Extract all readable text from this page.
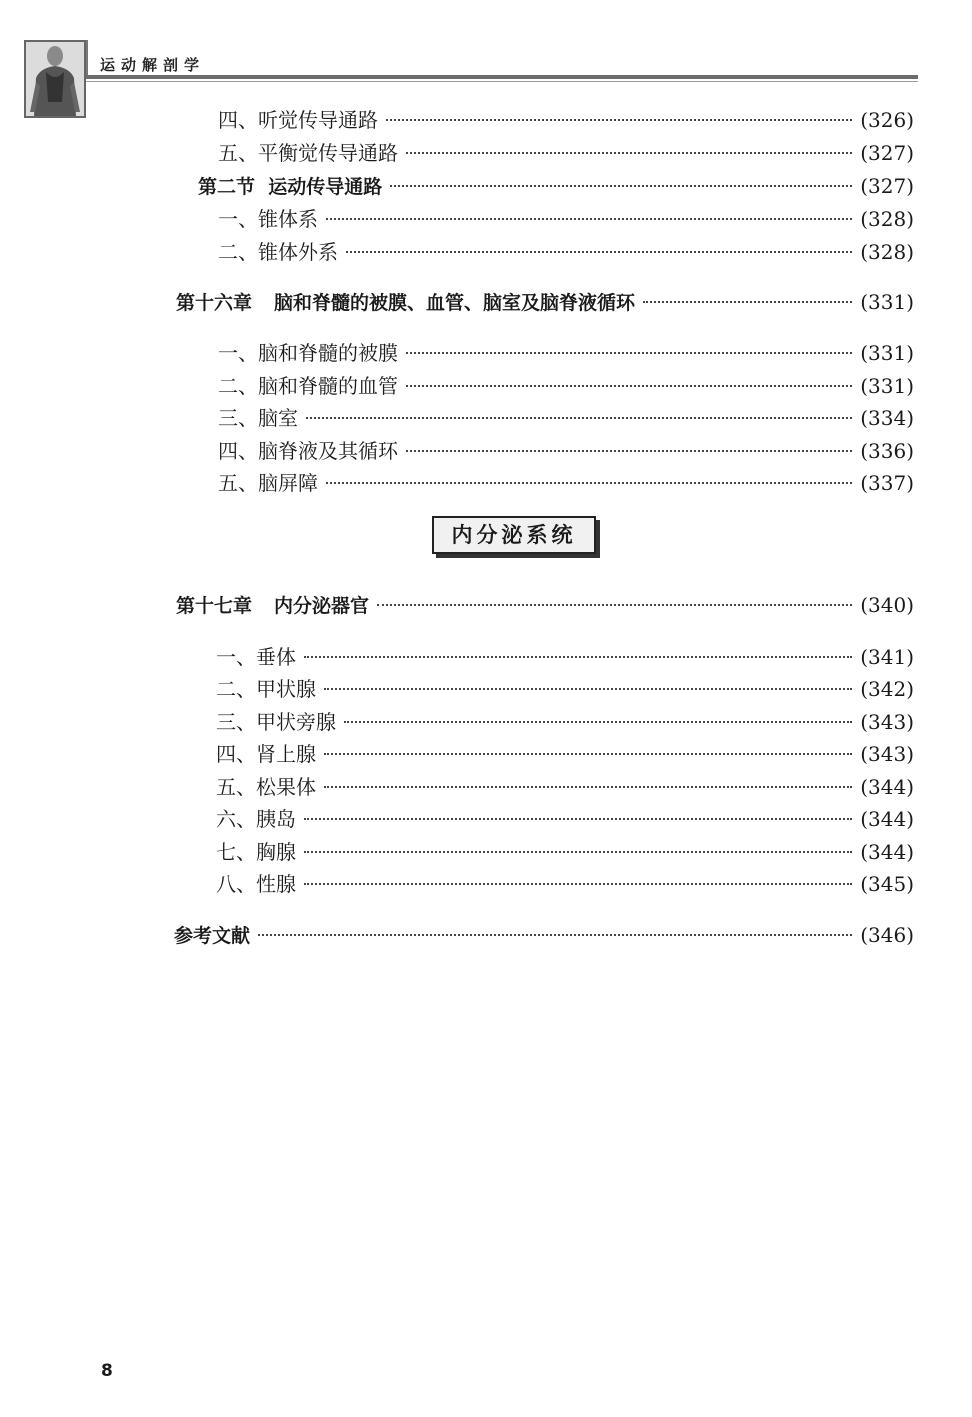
运动解剖学
四、听觉传导通路	(326)
五、平衡觉传导通路	(327)
第二节  运动传导通路	(327)
一、锥体系	(328)
二、锥体外系	(328)
第十六章 脑和脊髓的被膜、血管、脑室及脑脊液循环	(331)
一、脑和脊髓的被膜	(331)
二、脑和脊髓的血管	(331)
三、脑室	(334)
四、脑脊液及其循环	(336)
五、脑屏障	(337)
内分泌系统
第十七章 内分泌器官	(340)
一、垂体	(341)
二、甲状腺	(342)
三、甲状旁腺	(343)
四、肾上腺	(343)
五、松果体	(344)
六、胰岛	(344)
七、胸腺	(344)
八、性腺	(345)
参考文献	(346)
8
